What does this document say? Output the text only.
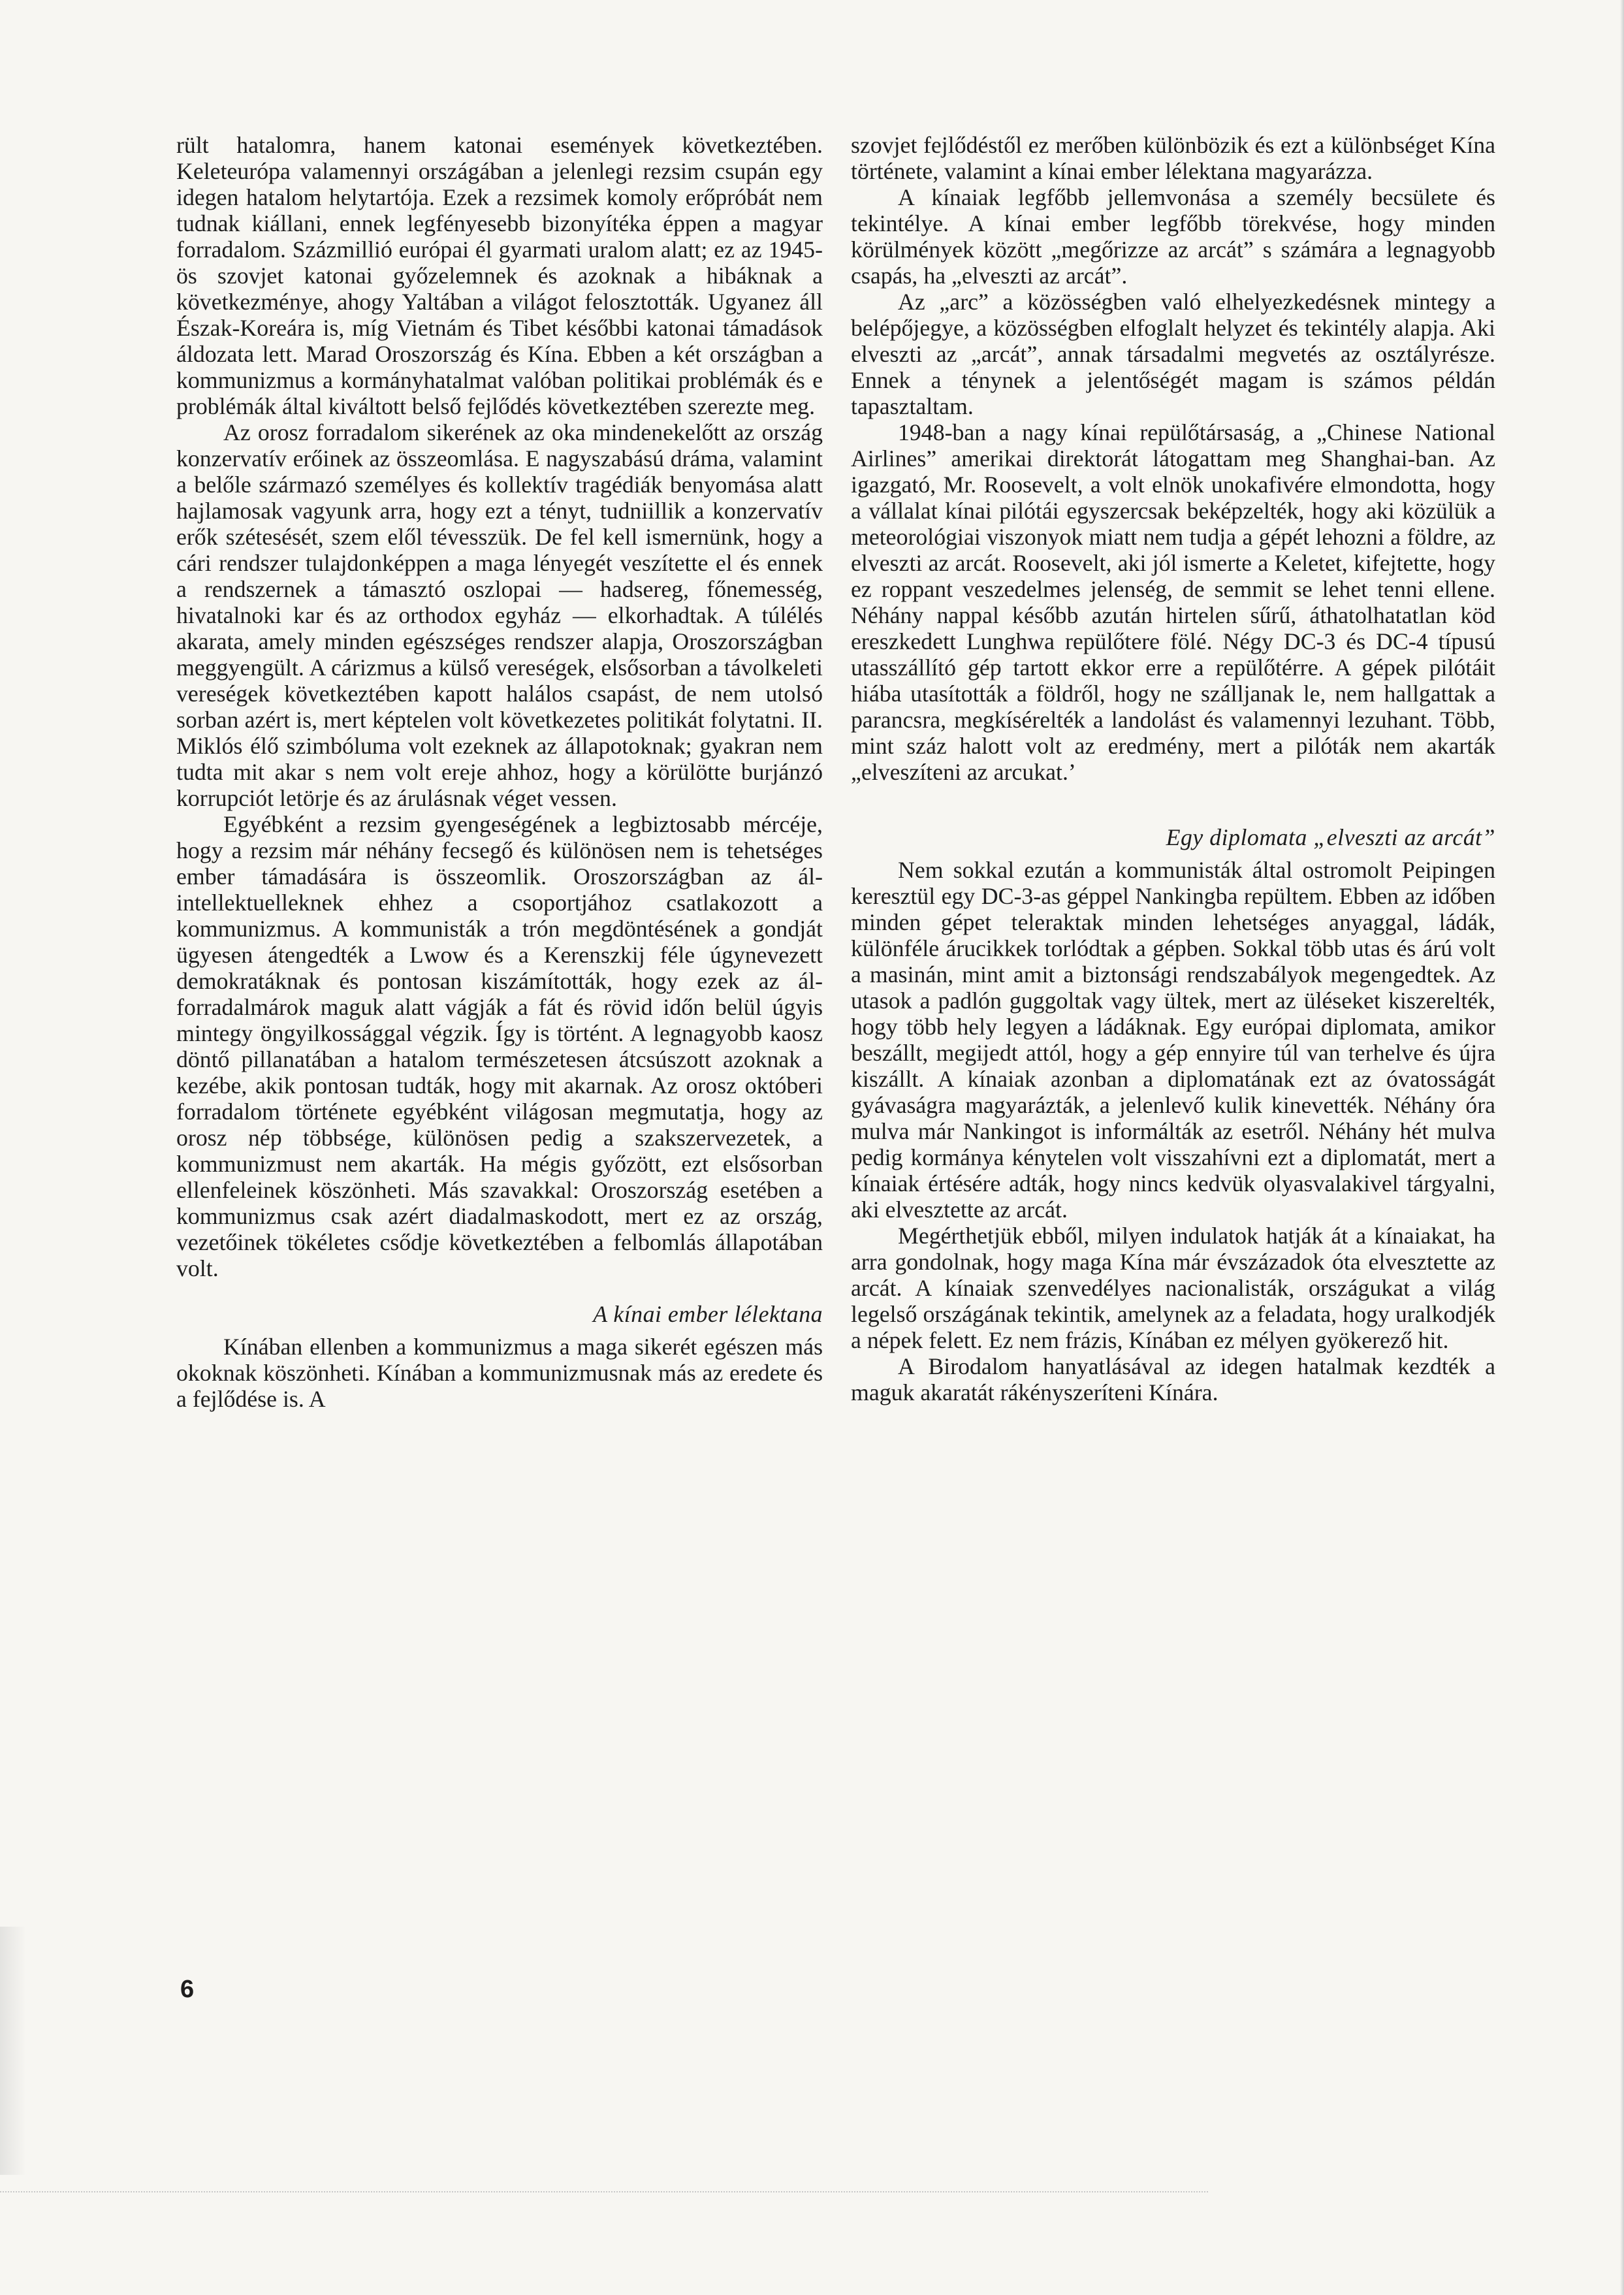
rült hatalomra, hanem katonai események következtében. Keleteurópa valamennyi országában a jelenlegi rezsim csupán egy idegen hatalom helytartója. Ezek a rezsimek komoly erőpróbát nem tudnak kiállani, ennek legfényesebb bizonyítéka éppen a magyar forradalom. Százmillió európai él gyarmati uralom alatt; ez az 1945-ös szovjet katonai győzelemnek és azoknak a hibáknak a következménye, ahogy Yaltában a világot felosztották. Ugyanez áll Észak-Koreára is, míg Vietnám és Tibet későbbi katonai támadások áldozata lett. Marad Oroszország és Kína. Ebben a két országban a kommunizmus a kormányhatalmat valóban politikai problémák és e problémák által kiváltott belső fejlődés következtében szerezte meg.

Az orosz forradalom sikerének az oka mindenekelőtt az ország konzervatív erőinek az összeomlása. E nagyszabású dráma, valamint a belőle származó személyes és kollektív tragédiák benyomása alatt hajlamosak vagyunk arra, hogy ezt a tényt, tudniillik a konzervatív erők szétesését, szem elől tévesszük. De fel kell ismernünk, hogy a cári rendszer tulajdonképpen a maga lényegét veszítette el és ennek a rendszernek a támasztó oszlopai — hadsereg, főnemesség, hivatalnoki kar és az orthodox egyház — elkorhadtak. A túlélés akarata, amely minden egészséges rendszer alapja, Oroszországban meggyengült. A cárizmus a külső vereségek, elsősorban a távolkeleti vereségek következtében kapott halálos csapást, de nem utolsó sorban azért is, mert képtelen volt következetes politikát folytatni. II. Miklós élő szimbóluma volt ezeknek az állapotoknak; gyakran nem tudta mit akar s nem volt ereje ahhoz, hogy a körülötte burjánzó korrupciót letörje és az árulásnak véget vessen.

Egyébként a rezsim gyengeségének a legbiztosabb mércéje, hogy a rezsim már néhány fecsegő és különösen nem is tehetséges ember támadására is összeomlik. Oroszországban az ál-intellektuelleknek ehhez a csoportjához csatlakozott a kommunizmus. A kommunisták a trón megdöntésének a gondját ügyesen átengedték a Lwow és a Kerenszkij féle úgynevezett demokratáknak és pontosan kiszámították, hogy ezek az ál-forradalmárok maguk alatt vágják a fát és rövid időn belül úgyis mintegy öngyilkossággal végzik. Így is történt. A legnagyobb kaosz döntő pillanatában a hatalom természetesen átcsúszott azoknak a kezébe, akik pontosan tudták, hogy mit akarnak. Az orosz októberi forradalom története egyébként világosan megmutatja, hogy az orosz nép többsége, különösen pedig a szakszervezetek, a kommunizmust nem akarták. Ha mégis győzött, ezt elsősorban ellenfeleinek köszönheti. Más szavakkal: Oroszország esetében a kommunizmus csak azért diadalmaskodott, mert ez az ország, vezetőinek tökéletes csődje következtében a felbomlás állapotában volt.

A kínai ember lélektana

Kínában ellenben a kommunizmus a maga sikerét egészen más okoknak köszönheti. Kínában a kommunizmusnak más az eredete és a fejlődése is. A

szovjet fejlődéstől ez merőben különbözik és ezt a különbséget Kína története, valamint a kínai ember lélektana magyarázza.

A kínaiak legfőbb jellemvonása a személy becsülete és tekintélye. A kínai ember legfőbb törekvése, hogy minden körülmények között „megőrizze az arcát” s számára a legnagyobb csapás, ha „elveszti az arcát”.

Az „arc” a közösségben való elhelyezkedésnek mintegy a belépőjegye, a közösségben elfoglalt helyzet és tekintély alapja. Aki elveszti az „arcát”, annak társadalmi megvetés az osztályrésze. Ennek a ténynek a jelentőségét magam is számos példán tapasztaltam.

1948-ban a nagy kínai repülőtársaság, a „Chinese National Airlines” amerikai direktorát látogattam meg Shanghai-ban. Az igazgató, Mr. Roosevelt, a volt elnök unokafivére elmondotta, hogy a vállalat kínai pilótái egyszercsak beképzelték, hogy aki közülük a meteorológiai viszonyok miatt nem tudja a gépét lehozni a földre, az elveszti az arcát. Roosevelt, aki jól ismerte a Keletet, kifejtette, hogy ez roppant veszedelmes jelenség, de semmit se lehet tenni ellene. Néhány nappal később azután hirtelen sűrű, áthatolhatatlan köd ereszkedett Lunghwa repülőtere fölé. Négy DC-3 és DC-4 típusú utasszállító gép tartott ekkor erre a repülőtérre. A gépek pilótáit hiába utasították a földről, hogy ne szálljanak le, nem hallgattak a parancsra, megkísérelték a landolást és valamennyi lezuhant. Több, mint száz halott volt az eredmény, mert a pilóták nem akarták „elveszíteni az arcukat.’

Egy diplomata „elveszti az arcát”

Nem sokkal ezután a kommunisták által ostromolt Peipingen keresztül egy DC-3-as géppel Nankingba repültem. Ebben az időben minden gépet teleraktak minden lehetséges anyaggal, ládák, különféle árucikkek torlódtak a gépben. Sokkal több utas és árú volt a masinán, mint amit a biztonsági rendszabályok megengedtek. Az utasok a padlón guggoltak vagy ültek, mert az üléseket kiszerelték, hogy több hely legyen a ládáknak. Egy európai diplomata, amikor beszállt, megijedt attól, hogy a gép ennyire túl van terhelve és újra kiszállt. A kínaiak azonban a diplomatának ezt az óvatosságát gyávaságra magyarázták, a jelenlevő kulik kinevették. Néhány óra mulva már Nankingot is informálták az esetről. Néhány hét mulva pedig kormánya kénytelen volt visszahívni ezt a diplomatát, mert a kínaiak értésére adták, hogy nincs kedvük olyasvalakivel tárgyalni, aki elvesztette az arcát.

Megérthetjük ebből, milyen indulatok hatják át a kínaiakat, ha arra gondolnak, hogy maga Kína már évszázadok óta elvesztette az arcát. A kínaiak szenvedélyes nacionalisták, országukat a világ legelső országának tekintik, amelynek az a feladata, hogy uralkodjék a népek felett. Ez nem frázis, Kínában ez mélyen gyökerező hit.

A Birodalom hanyatlásával az idegen hatalmak kezdték a maguk akaratát rákényszeríteni Kínára.

6
